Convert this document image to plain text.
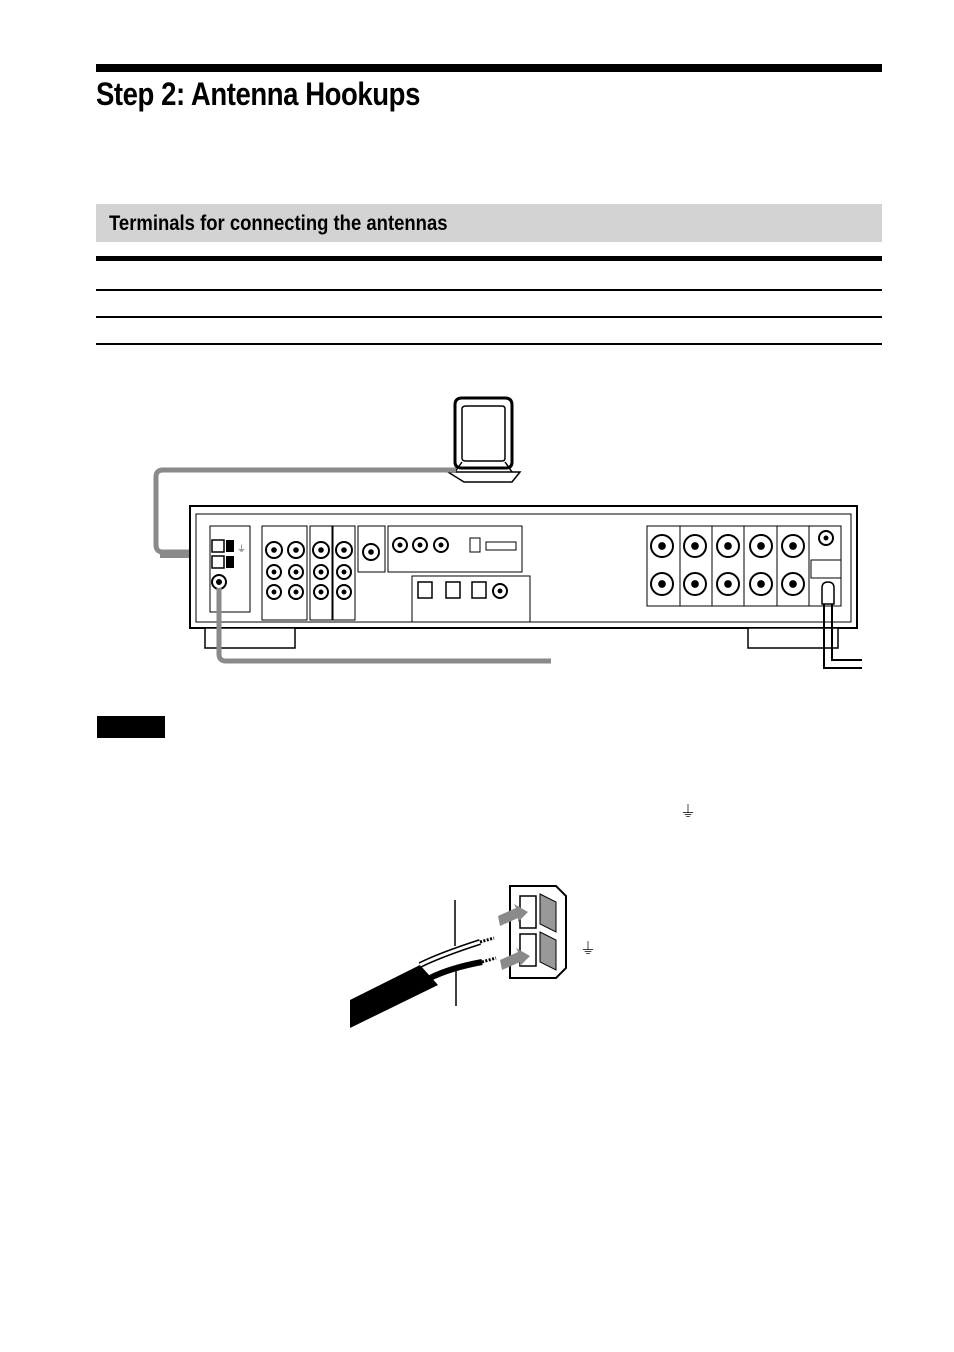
Step 2: Antenna Hookups
Terminals for connecting the antennas
⏚
⏚
⏚
